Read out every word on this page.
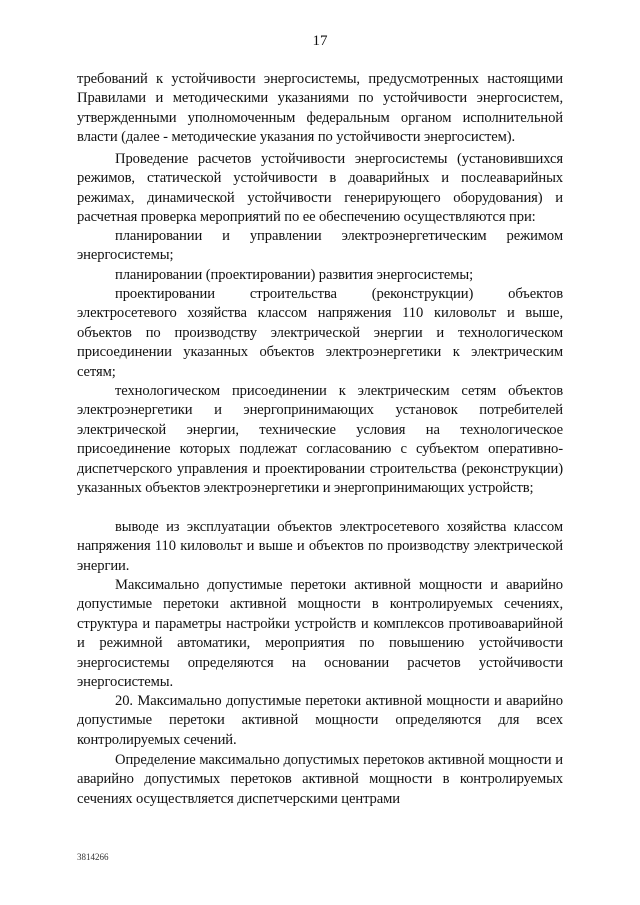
17

требований к устойчивости энергосистемы, предусмотренных настоящими Правилами и методическими указаниями по устойчивости энергосистем, утвержденными уполномоченным федеральным органом исполнительной власти (далее - методические указания по устойчивости энергосистем).

Проведение расчетов устойчивости энергосистемы (установившихся режимов, статической устойчивости в доаварийных и послеаварийных режимах, динамической устойчивости генерирующего оборудования) и расчетная проверка мероприятий по ее обеспечению осуществляются при:

планировании и управлении электроэнергетическим режимом энергосистемы;

планировании (проектировании) развития энергосистемы;

проектировании строительства (реконструкции) объектов электросетевого хозяйства классом напряжения 110 киловольт и выше, объектов по производству электрической энергии и технологическом присоединении указанных объектов электроэнергетики к электрическим сетям;

технологическом присоединении к электрическим сетям объектов электроэнергетики и энергопринимающих установок потребителей электрической энергии, технические условия на технологическое присоединение которых подлежат согласованию с субъектом оперативно-диспетчерского управления и проектировании строительства (реконструкции) указанных объектов электроэнергетики и энергопринимающих устройств;

выводе из эксплуатации объектов электросетевого хозяйства классом напряжения 110 киловольт и выше и объектов по производству электрической энергии.

Максимально допустимые перетоки активной мощности и аварийно допустимые перетоки активной мощности в контролируемых сечениях, структура и параметры настройки устройств и комплексов противоаварийной и режимной автоматики, мероприятия по повышению устойчивости энергосистемы определяются на основании расчетов устойчивости энергосистемы.

20. Максимально допустимые перетоки активной мощности и аварийно допустимые перетоки активной мощности определяются для всех контролируемых сечений.

Определение максимально допустимых перетоков активной мощности и аварийно допустимых перетоков активной мощности в контролируемых сечениях осуществляется диспетчерскими центрами

3814266
